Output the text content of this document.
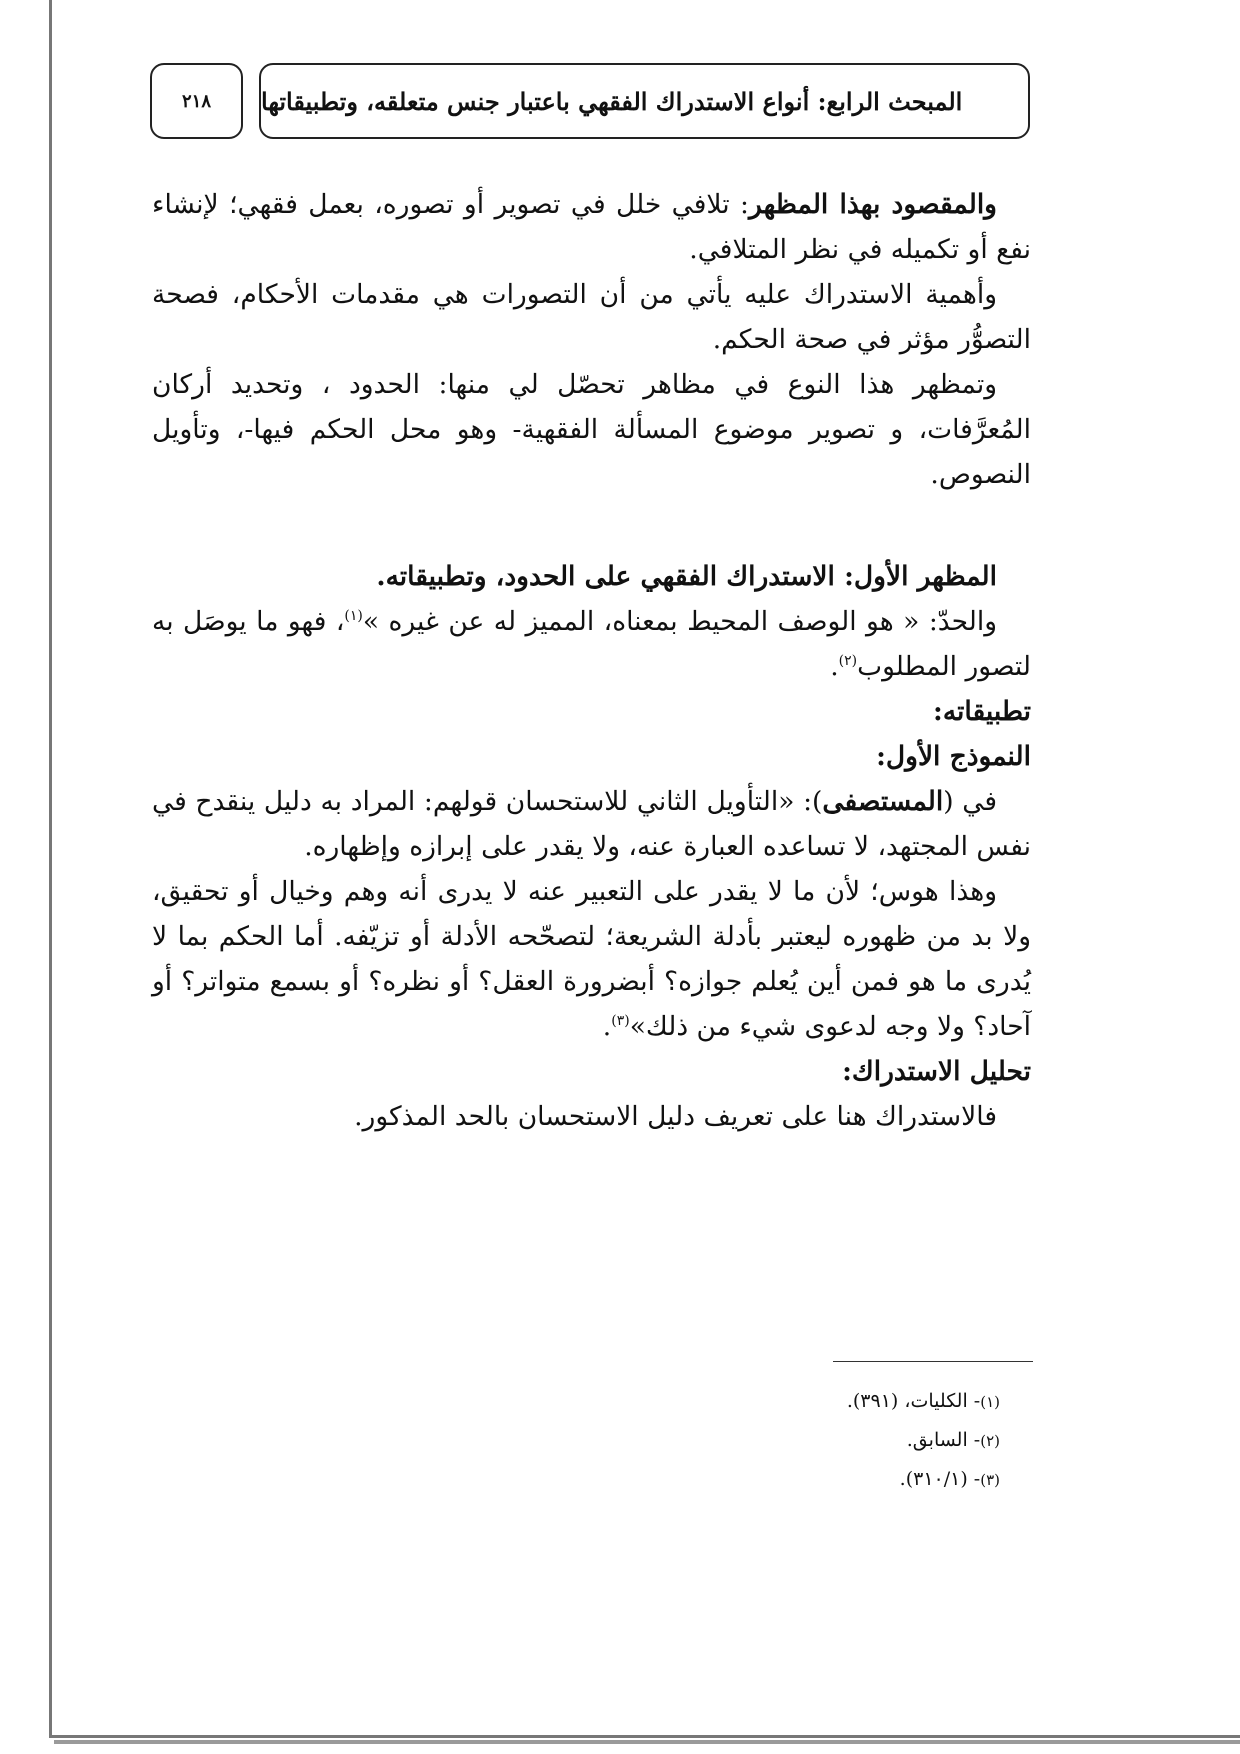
المبحث الرابع: أنواع الاستدراك الفقهي باعتبار جنس متعلقه، وتطبيقاتها
٢١٨

والمقصود بهذا المظهر: تلافي خلل في تصوير أو تصوره، بعمل فقهي؛ لإنشاء نفع أو تكميله في نظر المتلافي.

وأهمية الاستدراك عليه يأتي من أن التصورات هي مقدمات الأحكام، فصحة التصوُّر مؤثر في صحة الحكم.

وتمظهر هذا النوع في مظاهر تحصّل لي منها: الحدود ، وتحديد أركان المُعرَّفات، و تصوير موضوع المسألة الفقهية- وهو محل الحكم فيها-، وتأويل النصوص.

المظهر الأول: الاستدراك الفقهي على الحدود، وتطبيقاته.

والحدّ: « هو الوصف المحيط بمعناه، المميز له عن غيره »$^{(١)}$، فهو ما يوصَل به لتصور المطلوب$^{(٢)}$.

تطبيقاته:

النموذج الأول:

في (المستصفى): «التأويل الثاني للاستحسان قولهم: المراد به دليل ينقدح في نفس المجتهد، لا تساعده العبارة عنه، ولا يقدر على إبرازه وإظهاره.

وهذا هوس؛ لأن ما لا يقدر على التعبير عنه لا يدرى أنه وهم وخيال أو تحقيق، ولا بد من ظهوره ليعتبر بأدلة الشريعة؛ لتصحّحه الأدلة أو تزيّفه. أما الحكم بما لا يُدرى ما هو فمن أين يُعلم جوازه؟ أبضرورة العقل؟ أو نظره؟ أو بسمع متواتر؟ أو آحاد؟ ولا وجه لدعوى شيء من ذلك»$^{(٣)}$.

تحليل الاستدراك:

فالاستدراك هنا على تعريف دليل الاستحسان بالحد المذكور.

(١)- الكليات، (٣٩١).
(٢)- السابق.
(٣)- (٣١٠/١).
